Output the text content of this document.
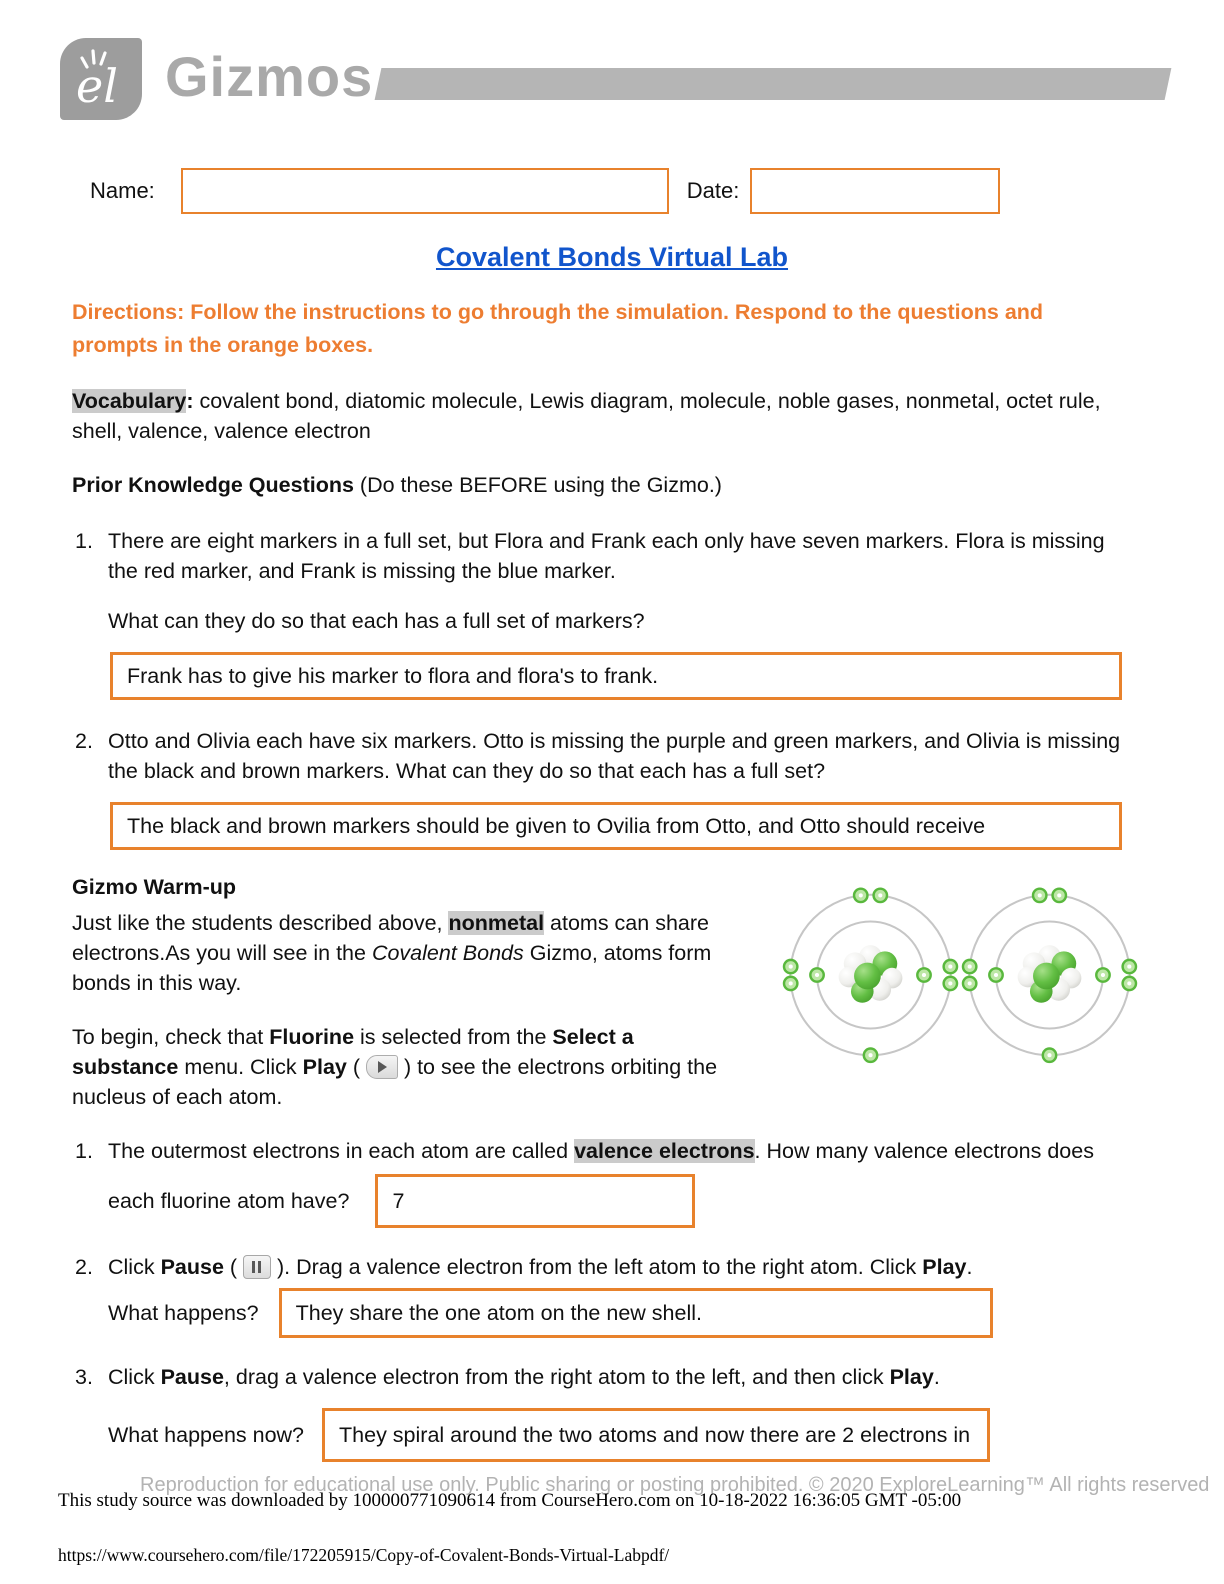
el Gizmos
Name:	Date:
Covalent Bonds Virtual Lab
Directions: Follow the instructions to go through the simulation. Respond to the questions and prompts in the orange boxes.
Vocabulary: covalent bond, diatomic molecule, Lewis diagram, molecule, noble gases, nonmetal, octet rule, shell, valence, valence electron
Prior Knowledge Questions (Do these BEFORE using the Gizmo.)
1. There are eight markers in a full set, but Flora and Frank each only have seven markers. Flora is missing the red marker, and Frank is missing the blue marker.
What can they do so that each has a full set of markers?
Frank has to give his marker to flora and flora's to frank.
2. Otto and Olivia each have six markers. Otto is missing the purple and green markers, and Olivia is missing the black and brown markers. What can they do so that each has a full set?
The black and brown markers should be given to Ovilia from Otto, and Otto should receive
Gizmo Warm-up
Just like the students described above, nonmetal atoms can share electrons.As you will see in the Covalent Bonds Gizmo, atoms form bonds in this way.
To begin, check that Fluorine is selected from the Select a substance menu. Click Play (  ) to see the electrons orbiting the nucleus of each atom.
1. The outermost electrons in each atom are called valence electrons. How many valence electrons does
each fluorine atom have?	7
2. Click Pause (  ). Drag a valence electron from the left atom to the right atom. Click Play.
What happens?	They share the one atom on the new shell.
3. Click Pause, drag a valence electron from the right atom to the left, and then click Play.
What happens now?	They spiral around the two atoms and now there are 2 electrons in
Reproduction for educational use only. Public sharing or posting prohibited. © 2020 ExploreLearning™ All rights reserved
This study source was downloaded by 100000771090614 from CourseHero.com on 10-18-2022 16:36:05 GMT -05:00
https://www.coursehero.com/file/172205915/Copy-of-Covalent-Bonds-Virtual-Labpdf/
